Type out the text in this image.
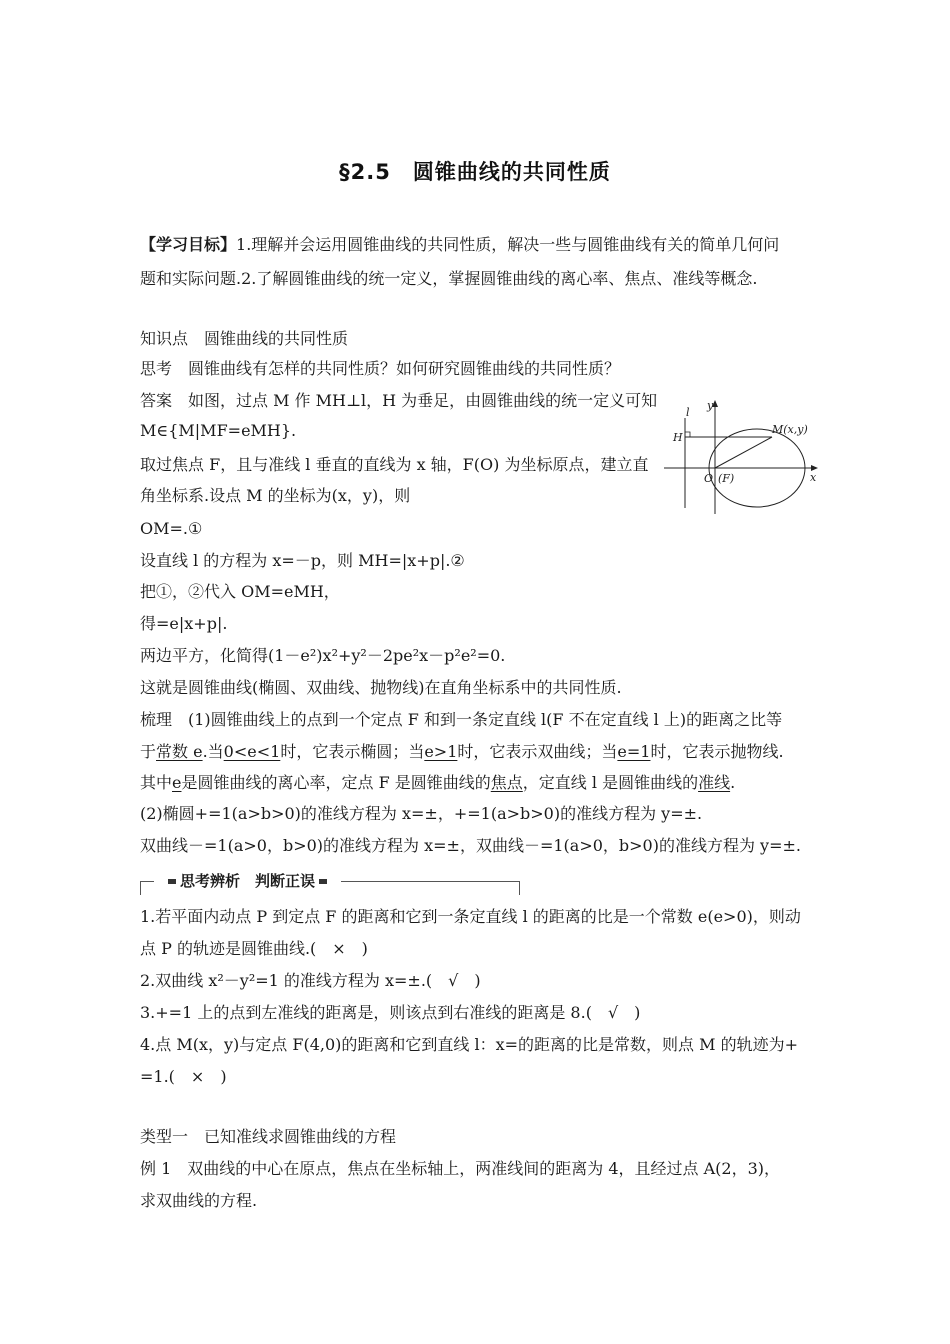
§2.5　圆锥曲线的共同性质
【学习目标】1.理解并会运用圆锥曲线的共同性质，解决一些与圆锥曲线有关的简单几何问
题和实际问题.2.了解圆锥曲线的统一定义，掌握圆锥曲线的离心率、焦点、准线等概念.
知识点　圆锥曲线的共同性质
思考　圆锥曲线有怎样的共同性质？如何研究圆锥曲线的共同性质？
答案　如图，过点 M 作 MH⊥l，H 为垂足，由圆锥曲线的统一定义可知
M∈{M|MF=eMH}.
取过焦点 F，且与准线 l 垂直的直线为 x 轴，F(O) 为坐标原点，建立直
角坐标系.设点 M 的坐标为(x，y)，则
OM=.①
设直线 l 的方程为 x=－p，则 MH=|x+p|.②
把①，②代入 OM=eMH，
得=e|x+p|.
两边平方，化简得(1－e²)x²+y²－2pe²x－p²e²=0.
这就是圆锥曲线(椭圆、双曲线、抛物线)在直角坐标系中的共同性质.
梳理　(1)圆锥曲线上的点到一个定点 F 和到一条定直线 l(F 不在定直线 l 上)的距离之比等
于常数 e.当0<e<1时，它表示椭圆；当e>1时，它表示双曲线；当e=1时，它表示抛物线.
其中e是圆锥曲线的离心率，定点 F 是圆锥曲线的焦点，定直线 l 是圆锥曲线的准线.
(2)椭圆+=1(a>b>0)的准线方程为 x=±，+=1(a>b>0)的准线方程为 y=±.
双曲线－=1(a>0，b>0)的准线方程为 x=±，双曲线－=1(a>0，b>0)的准线方程为 y=±.
思考辨析　判断正误
1.若平面内动点 P 到定点 F 的距离和它到一条定直线 l 的距离的比是一个常数 e(e>0)，则动
点 P 的轨迹是圆锥曲线.(　×　)
2.双曲线 x²－y²=1 的准线方程为 x=±.(　√　)
3.+=1 上的点到左准线的距离是，则该点到右准线的距离是 8.(　√　)
4.点 M(x，y)与定点 F(4,0)的距离和它到直线 l：x=的距离的比是常数，则点 M 的轨迹为+
=1.(　×　)
类型一　已知准线求圆锥曲线的方程
例 1　双曲线的中心在原点，焦点在坐标轴上，两准线间的距离为 4，且经过点 A(2，3)，
求双曲线的方程.
y
x
l
H
M(x,y)
O (F)
